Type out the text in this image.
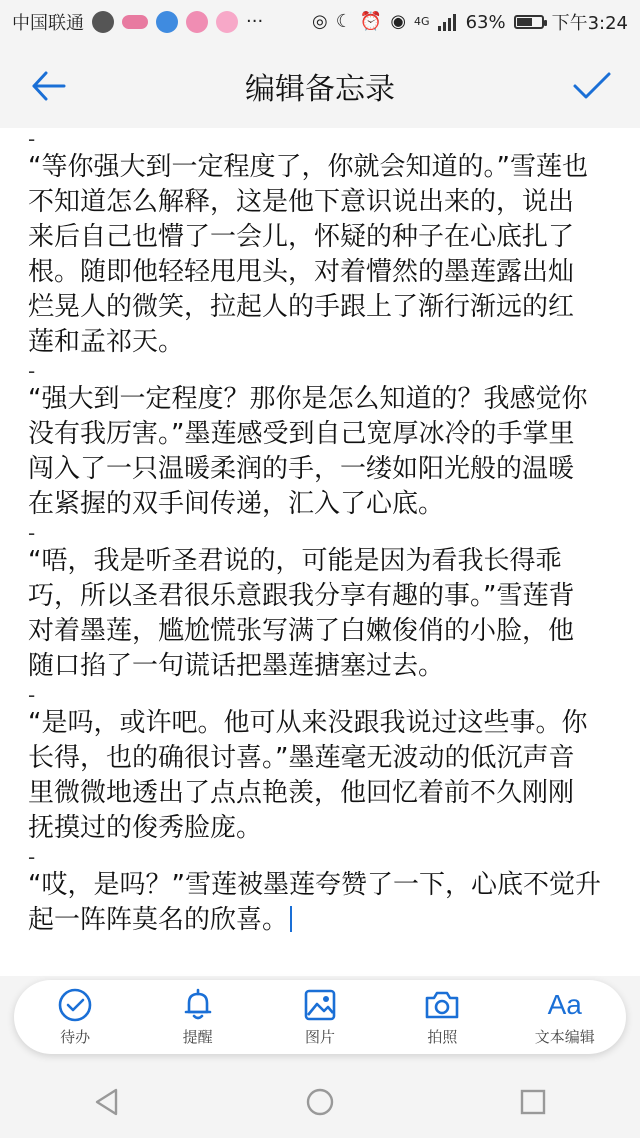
中国联通	···	◎ ☾ ⏰ ◉ 4G 63%	下午3:24
编辑备忘录
-
“等你强大到一定程度了，你就会知道的。”雪莲也
不知道怎么解释，这是他下意识说出来的，说出
来后自己也懵了一会儿，怀疑的种子在心底扎了
根。随即他轻轻甩甩头，对着懵然的墨莲露出灿
烂晃人的微笑，拉起人的手跟上了渐行渐远的红
莲和孟祁天。
-
“强大到一定程度？那你是怎么知道的？我感觉你
没有我厉害。”墨莲感受到自己宽厚冰冷的手掌里
闯入了一只温暖柔润的手，一缕如阳光般的温暖
在紧握的双手间传递，汇入了心底。
-
“唔，我是听圣君说的，可能是因为看我长得乖
巧，所以圣君很乐意跟我分享有趣的事。”雪莲背
对着墨莲，尴尬慌张写满了白嫩俊俏的小脸，他
随口掐了一句谎话把墨莲搪塞过去。
-
“是吗，或许吧。他可从来没跟我说过这些事。你
长得，也的确很讨喜。”墨莲毫无波动的低沉声音
里微微地透出了点点艳羡，他回忆着前不久刚刚
抚摸过的俊秀脸庞。
-
“哎，是吗？”雪莲被墨莲夸赞了一下，心底不觉升
起一阵阵莫名的欣喜。
待办	提醒	图片	拍照
Aa
文本编辑
